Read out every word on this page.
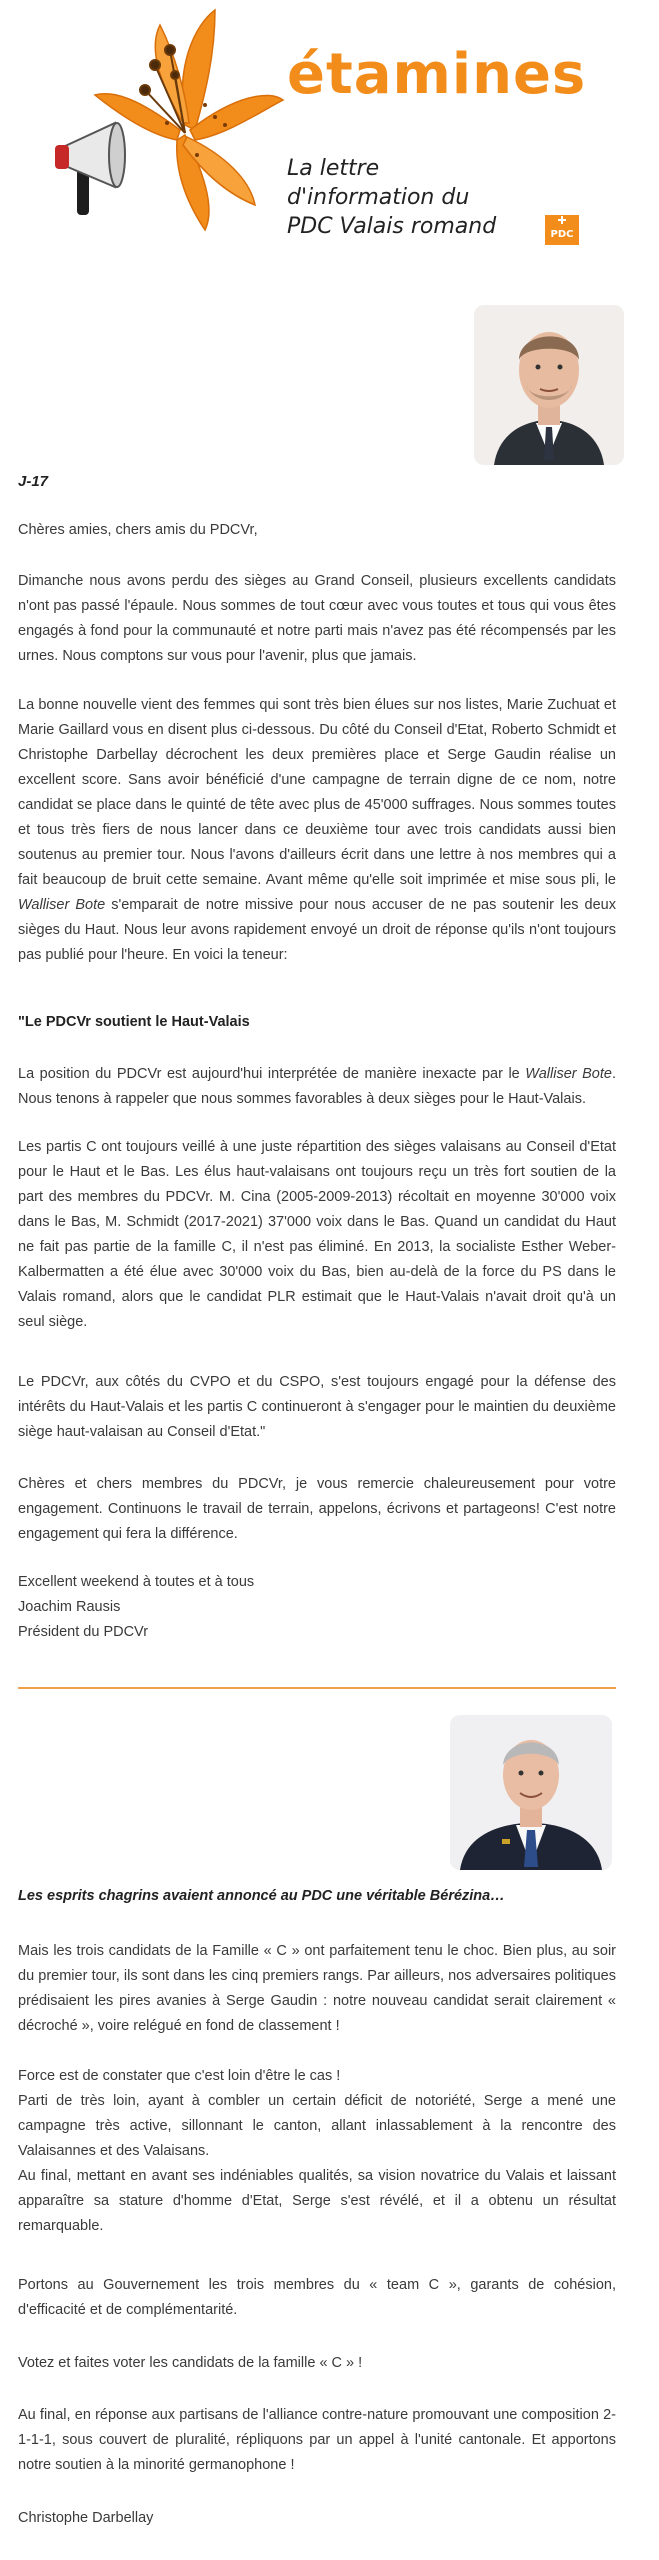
étamines
La lettre
d'information du
PDC Valais romand	PDC
J-17

Chères amies, chers amis du PDCVr,

Dimanche nous avons perdu des sièges au Grand Conseil, plusieurs excellents candidats n'ont pas passé l'épaule. Nous sommes de tout cœur avec vous toutes et tous qui vous êtes engagés à fond pour la communauté et notre parti mais n'avez pas été récompensés par les urnes. Nous comptons sur vous pour l'avenir, plus que jamais.

La bonne nouvelle vient des femmes qui sont très bien élues sur nos listes, Marie Zuchuat et Marie Gaillard vous en disent plus ci-dessous. Du côté du Conseil d'Etat, Roberto Schmidt et Christophe Darbellay décrochent les deux premières place et Serge Gaudin réalise un excellent score. Sans avoir bénéficié d'une campagne de terrain digne de ce nom, notre candidat se place dans le quinté de tête avec plus de 45'000 suffrages. Nous sommes toutes et tous très fiers de nous lancer dans ce deuxième tour avec trois candidats aussi bien soutenus au premier tour. Nous l'avons d'ailleurs écrit dans une lettre à nos membres qui a fait beaucoup de bruit cette semaine. Avant même qu'elle soit imprimée et mise sous pli, le Walliser Bote s'emparait de notre missive pour nous accuser de ne pas soutenir les deux sièges du Haut. Nous leur avons rapidement envoyé un droit de réponse qu'ils n'ont toujours pas publié pour l'heure. En voici la teneur:

"Le PDCVr soutient le Haut-Valais

La position du PDCVr est aujourd'hui interprétée de manière inexacte par le Walliser Bote. Nous tenons à rappeler que nous sommes favorables à deux sièges pour le Haut-Valais.

Les partis C ont toujours veillé à une juste répartition des sièges valaisans au Conseil d'Etat pour le Haut et le Bas. Les élus haut-valaisans ont toujours reçu un très fort soutien de la part des membres du PDCVr. M. Cina (2005-2009-2013) récoltait en moyenne 30'000 voix dans le Bas, M. Schmidt (2017-2021) 37'000 voix dans le Bas. Quand un candidat du Haut ne fait pas partie de la famille C, il n'est pas éliminé. En 2013, la socialiste Esther Weber-Kalbermatten a été élue avec 30'000 voix du Bas, bien au-delà de la force du PS dans le Valais romand, alors que le candidat PLR estimait que le Haut-Valais n'avait droit qu'à un seul siège.

Le PDCVr, aux côtés du CVPO et du CSPO, s'est toujours engagé pour la défense des intérêts du Haut-Valais et les partis C continueront à s'engager pour le maintien du deuxième siège haut-valaisan au Conseil d'Etat."

Chères et chers membres du PDCVr, je vous remercie chaleureusement pour votre engagement. Continuons le travail de terrain, appelons, écrivons et partageons! C'est notre engagement qui fera la différence.

Excellent weekend à toutes et à tous

Joachim Rausis

Président du PDCVr

Les esprits chagrins avaient annoncé au PDC une véritable Bérézina…

Mais les trois candidats de la Famille « C » ont parfaitement tenu le choc. Bien plus, au soir du premier tour, ils sont dans les cinq premiers rangs. Par ailleurs, nos adversaires politiques prédisaient les pires avanies à Serge Gaudin : notre nouveau candidat serait clairement « décroché », voire relégué en fond de classement !

Force est de constater que c'est loin d'être le cas !

Parti de très loin, ayant à combler un certain déficit de notoriété, Serge a mené une campagne très active, sillonnant le canton, allant inlassablement à la rencontre des Valaisannes et des Valaisans.

Au final, mettant en avant ses indéniables qualités, sa vision novatrice du Valais et laissant apparaître sa stature d'homme d'Etat, Serge s'est révélé, et il a obtenu un résultat remarquable.

Portons au Gouvernement les trois membres du « team C », garants de cohésion, d'efficacité et de complémentarité.

Votez et faites voter les candidats de la famille « C » !

Au final, en réponse aux partisans de l'alliance contre-nature promouvant une composition 2-1-1-1, sous couvert de pluralité, répliquons par un appel à l'unité cantonale. Et apportons notre soutien à la minorité germanophone !

Christophe Darbellay
